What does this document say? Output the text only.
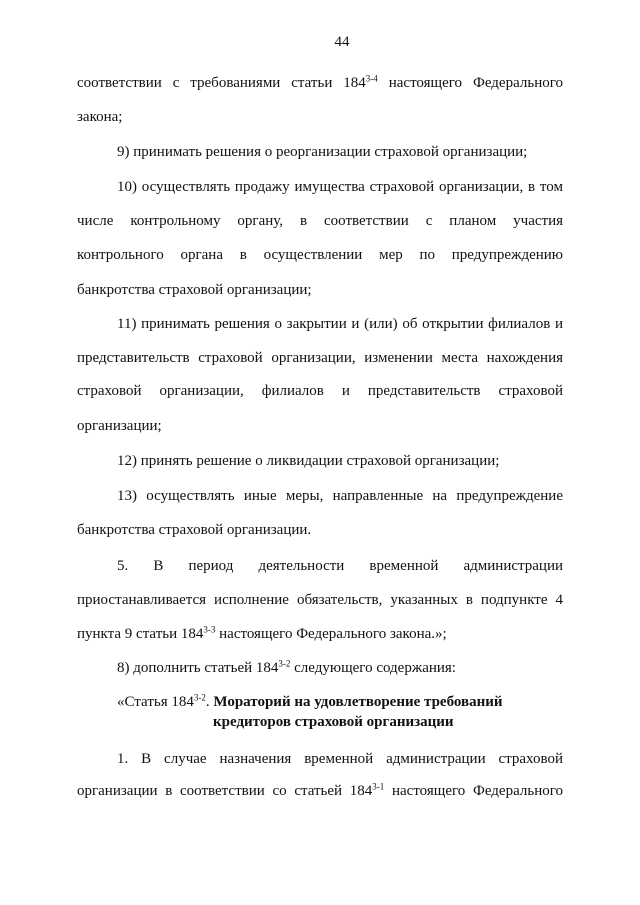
44
соответствии с требованиями статьи 184$^{3-4}$ настоящего Федерального
закона;
9) принимать решения о реорганизации страховой организации;
10) осуществлять продажу имущества страховой организации, в том
числе контрольному органу, в соответствии с планом участия
контрольного органа в осуществлении мер по предупреждению
банкротства страховой организации;
11) принимать решения о закрытии и (или) об открытии филиалов и
представительств страховой организации, изменении места нахождения
страховой организации, филиалов и представительств страховой
организации;
12) принять решение о ликвидации страховой организации;
13) осуществлять иные меры, направленные на предупреждение
банкротства страховой организации.
5. В период деятельности временной администрации
приостанавливается исполнение обязательств, указанных в подпункте 4
пункта 9 статьи 184$^{3-3}$ настоящего Федерального закона.»;
8) дополнить статьей 184$^{3-2}$ следующего содержания:
«Статья 184$^{3-2}$. Мораторий на удовлетворение требований
кредиторов страховой организации
1. В случае назначения временной администрации страховой
организации в соответствии со статьей 184$^{3-1}$ настоящего Федерального
